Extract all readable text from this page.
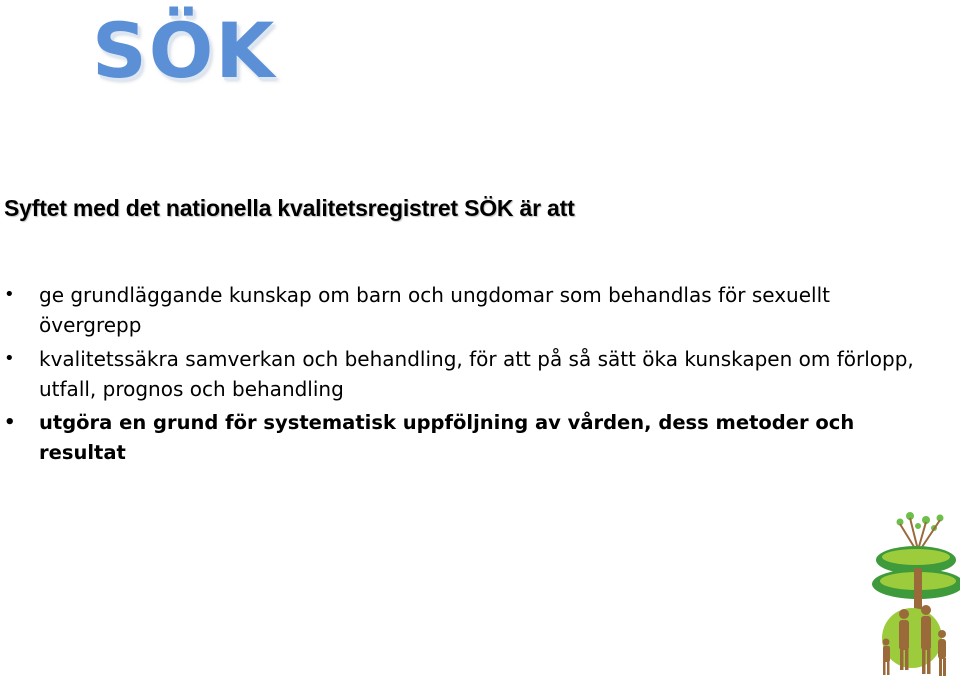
SÖK
Syftet med det nationella kvalitetsregistret SÖK är att
• ge grundläggande kunskap om barn och ungdomar som behandlas för sexuellt övergrepp
• kvalitetssäkra samverkan och behandling, för att på så sätt öka kunskapen om förlopp, utfall, prognos och behandling
• utgöra en grund för systematisk uppföljning av vården, dess metoder och resultat
